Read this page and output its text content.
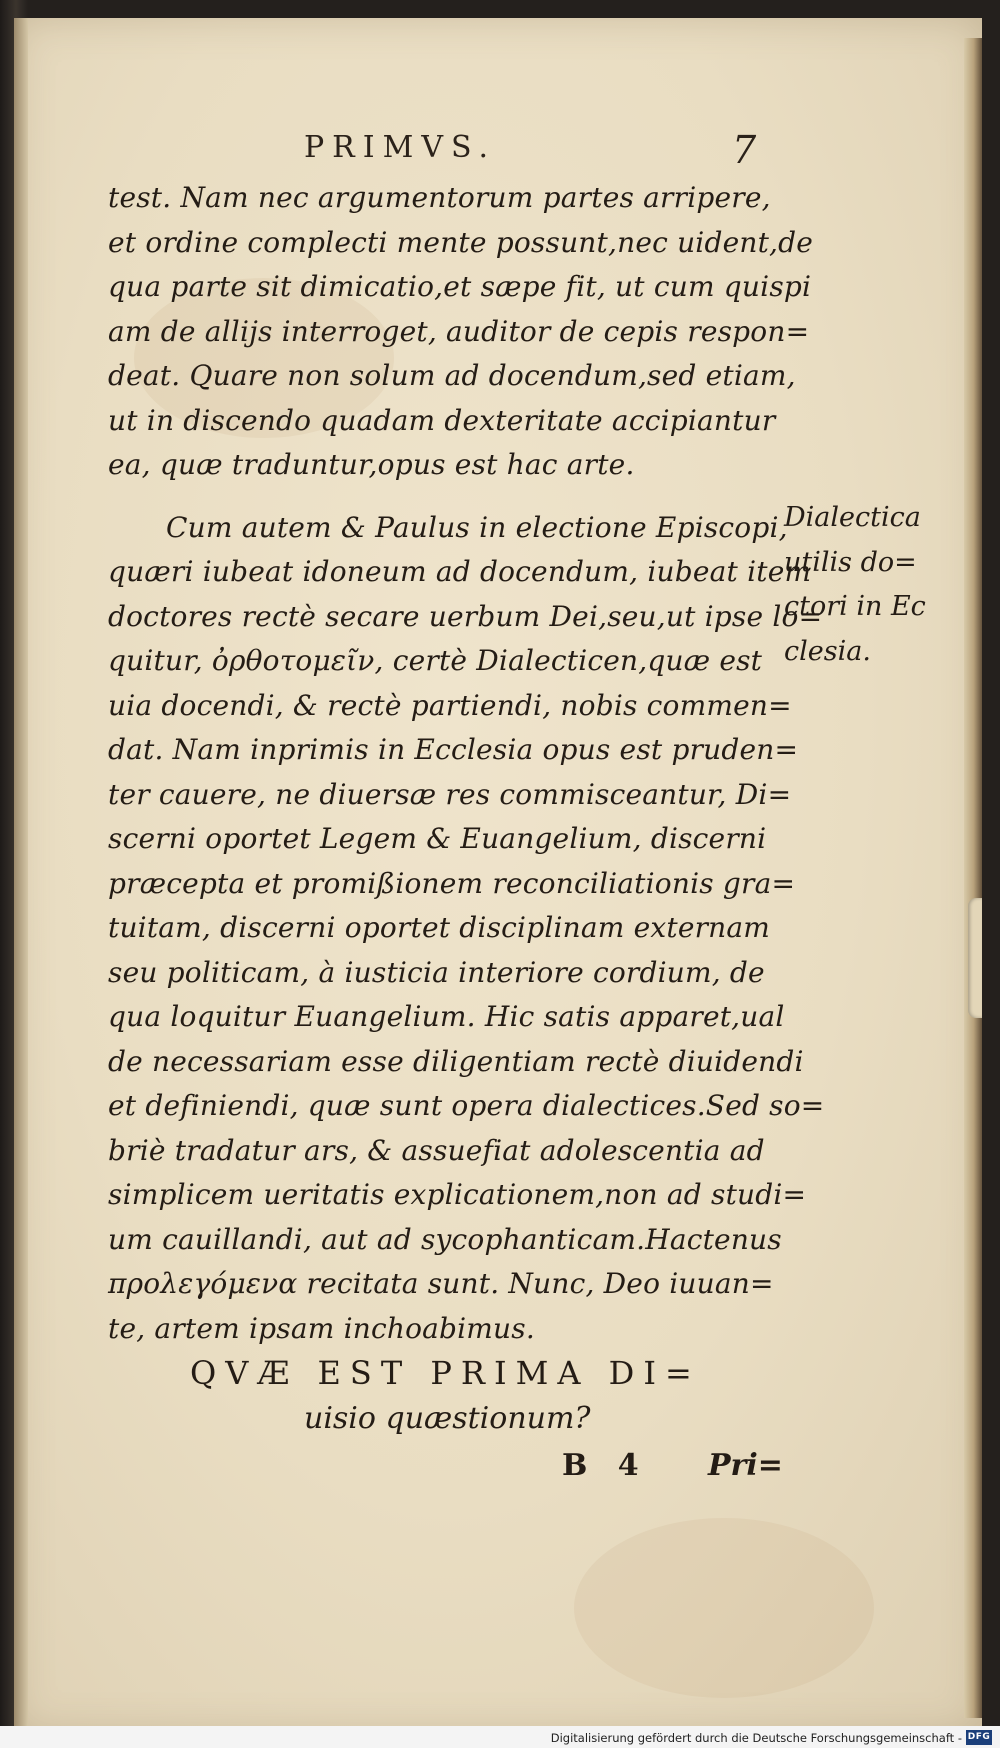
PRIMVS.	7
test. Nam nec argumentorum partes arripere,
et ordine complecti mente possunt,nec uident,de
qua parte sit dimicatio,et sæpe fit, ut cum quispi
am de allijs interroget, auditor de cepis respon=
deat. Quare non solum ad docendum,sed etiam,
ut in discendo quadam dexteritate accipiantur
ea, quæ traduntur,opus est hac arte.
Cum autem & Paulus in electione Episcopi,
quæri iubeat idoneum ad docendum, iubeat item
doctores rectè secare uerbum Dei,seu,ut ipse lo=
quitur, ὀρθοτομεῖν, certè Dialecticen,quæ est
uia docendi, & rectè partiendi, nobis commen=
dat. Nam inprimis in Ecclesia opus est pruden=
ter cauere, ne diuersæ res commisceantur, Di=
scerni oportet Legem & Euangelium, discerni
præcepta et promißionem reconciliationis gra=
tuitam, discerni oportet disciplinam externam
seu politicam, à iusticia interiore cordium, de
qua loquitur Euangelium. Hic satis apparet,ual
de necessariam esse diligentiam rectè diuidendi
et definiendi, quæ sunt opera dialectices.Sed so=
briè tradatur ars, & assuefiat adolescentia ad
simplicem ueritatis explicationem,non ad studi=
um cauillandi, aut ad sycophanticam.Hactenus
προλεγόμενα recitata sunt. Nunc, Deo iuuan=
te, artem ipsam inchoabimus.
Dialectica
utilis do=
ctori in Ec
clesia.
QVÆ EST PRIMA DI=
uisio quæstionum?
B 4 Pri=
Digitalisierung gefördert durch die Deutsche Forschungsgemeinschaft - DFG
